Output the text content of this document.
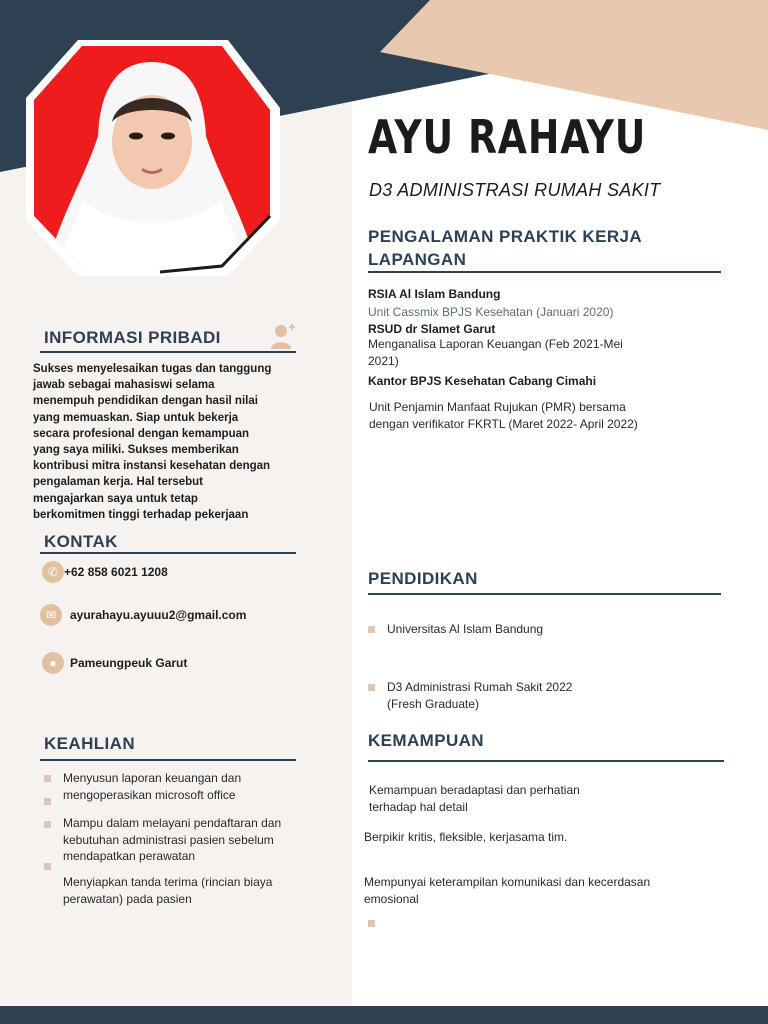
AYU RAHAYU
D3 ADMINISTRASI RUMAH SAKIT
INFORMASI PRIBADI
Sukses menyelesaikan tugas dan tanggung jawab sebagai mahasiswi selama menempuh pendidikan dengan hasil nilai yang memuaskan. Siap untuk bekerja secara profesional dengan kemampuan yang saya miliki. Sukses memberikan kontribusi mitra instansi kesehatan dengan pengalaman kerja. Hal tersebut mengajarkan saya untuk tetap berkomitmen tinggi terhadap pekerjaan
KONTAK
✆ +62 858 6021 1208
✉	ayurahayu.ayuuu2@gmail.com
●	Pameungpeuk Garut
KEAHLIAN
Menyusun laporan keuangan dan mengoperasikan microsoft office
Mampu dalam melayani pendaftaran dan kebutuhan administrasi pasien sebelum mendapatkan perawatan
Menyiapkan tanda terima (rincian biaya perawatan) pada pasien
PENGALAMAN PRAKTIK KERJA LAPANGAN
RSIA Al Islam Bandung
Unit Cassmix BPJS Kesehatan (Januari 2020)
RSUD dr Slamet Garut
Menganalisa Laporan Keuangan (Feb 2021-Mei 2021)
Kantor BPJS Kesehatan Cabang Cimahi
Unit Penjamin Manfaat Rujukan (PMR) bersama dengan verifikator FKRTL (Maret 2022- April 2022)
PENDIDIKAN
Universitas Al Islam Bandung
D3 Administrasi Rumah Sakit 2022 (Fresh Graduate)
KEMAMPUAN
Kemampuan beradaptasi dan perhatian terhadap hal detail
Berpikir kritis, fleksible, kerjasama tim.
Mempunyai keterampilan komunikasi dan kecerdasan emosional
